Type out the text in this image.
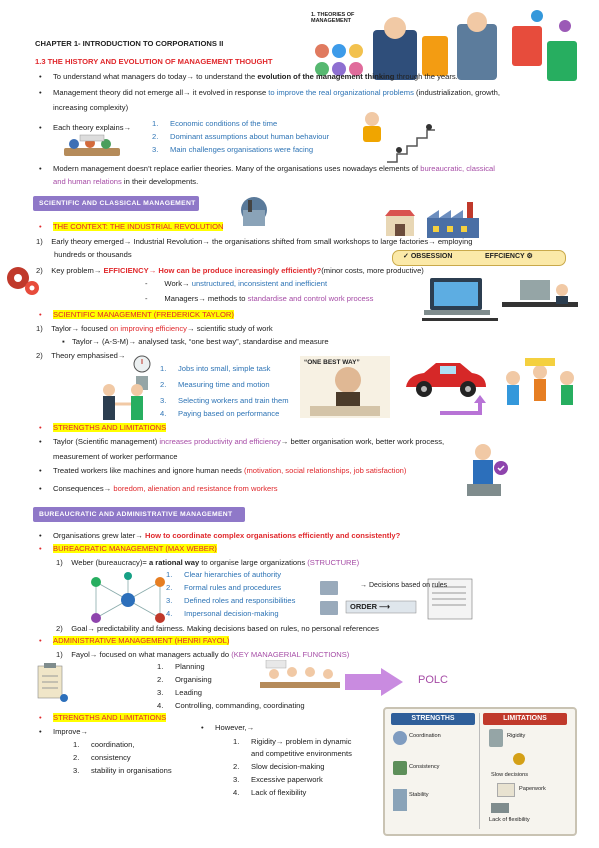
CHAPTER 1- INTRODUCTION TO CORPORATIONS II
1.3 THE HISTORY AND EVOLUTION OF MANAGEMENT THOUGHT
1. THEORIES OF MANAGEMENT
• To understand what managers do today→ to understand the evolution of the management thinking through the years.
• Management theory did not emerge all→ it evolved in response to improve the real organizational problems (industrialization, growth,
increasing complexity)
• Each theory explains→	1. Economic conditions of the time
2. Dominant assumptions about human behaviour
3. Main challenges organisations were facing
• Modern management doesn’t replace earlier theories. Many of the organisations uses nowadays elements of bureaucratic, classical
and human relations in their developments.
SCIENTIFIC AND CLASSICAL MANAGEMENT
• THE CONTEXT: THE INDUSTRIAL REVOLUTION
1)    Early theory emerged→ Industrial Revolution→ the organisations shifted from small workshops to large factories→ employing
hundreds or thousands	✓ OBSESSION	EFFCIENCY ⚙
2)    Key problem→ EFFICIENCY→ How can be produce increasingly efficiently?(minor costs, more productive)
-        Work→ unstructured, inconsistent and inefficient
-        Managers→ methods to standardise and control work process
• SCIENTIFIC MANAGEMENT (FREDERICK TAYLOR)
1)    Taylor→ focused on improving efficiency→ scientific study of work
▪ Taylor→ (A-S-M)→ analysed task, “one best way”, standardise and measure
2)    Theory emphasised→
1. Jobs into small, simple task
2. Measuring time and motion
3. Selecting workers and train them
4. Paying based on performance
“ONE BEST WAY”
• STRENGTHS AND LIMITATIONS
• Taylor (Scientific management) increases productivity and efficiency→ better organisation work, better work process,
measurement of worker performance
• Treated workers like machines and ignore human needs (motivation, social relationships, job satisfaction)
• Consequences→ boredom, alienation and resistance from workers
BUREAUCRATIC AND ADMINISTRATIVE MANAGEMENT
• Organisations grew later→ How to coordinate complex organisations efficiently and consistently?
• BUREACRATIC MANAGEMENT (MAX WEBER)
1)    Weber (bureaucracy)= a rational way to organise large organizations (STRUCTURE)
1. Clear hierarchies of authority
2. Formal rules and procedures
3. Defined roles and responsibilities
4. Impersonal decision-making
→ Decisions based on rules
ORDER ⟶
2)    Goal→ predictability and fairness. Making decisions based on rules, no personal references
• ADMINISTRATIVE MANAGEMENT (HENRI FAYOL)
1)    Fayol→ focused on what managers actually do (KEY MANAGERIAL FUNCTIONS)
1. Planning
2. Organising
3. Leading
4. Controlling, commanding, coordinating
POLC
• STRENGTHS AND LIMITATIONS
• Improve→
1. coordination,
2. consistency
3. stability in organisations
• However,→
1. Rigidity→ problem in dynamic
and competitive environments
2. Slow decision-making
3. Excessive paperwork
4. Lack of flexibility
STRENGTHS	LIMITATIONS
Coordination
Consistency
Stability
Rigidity
Slow decisions
Paperwork
Lack of flexibility
